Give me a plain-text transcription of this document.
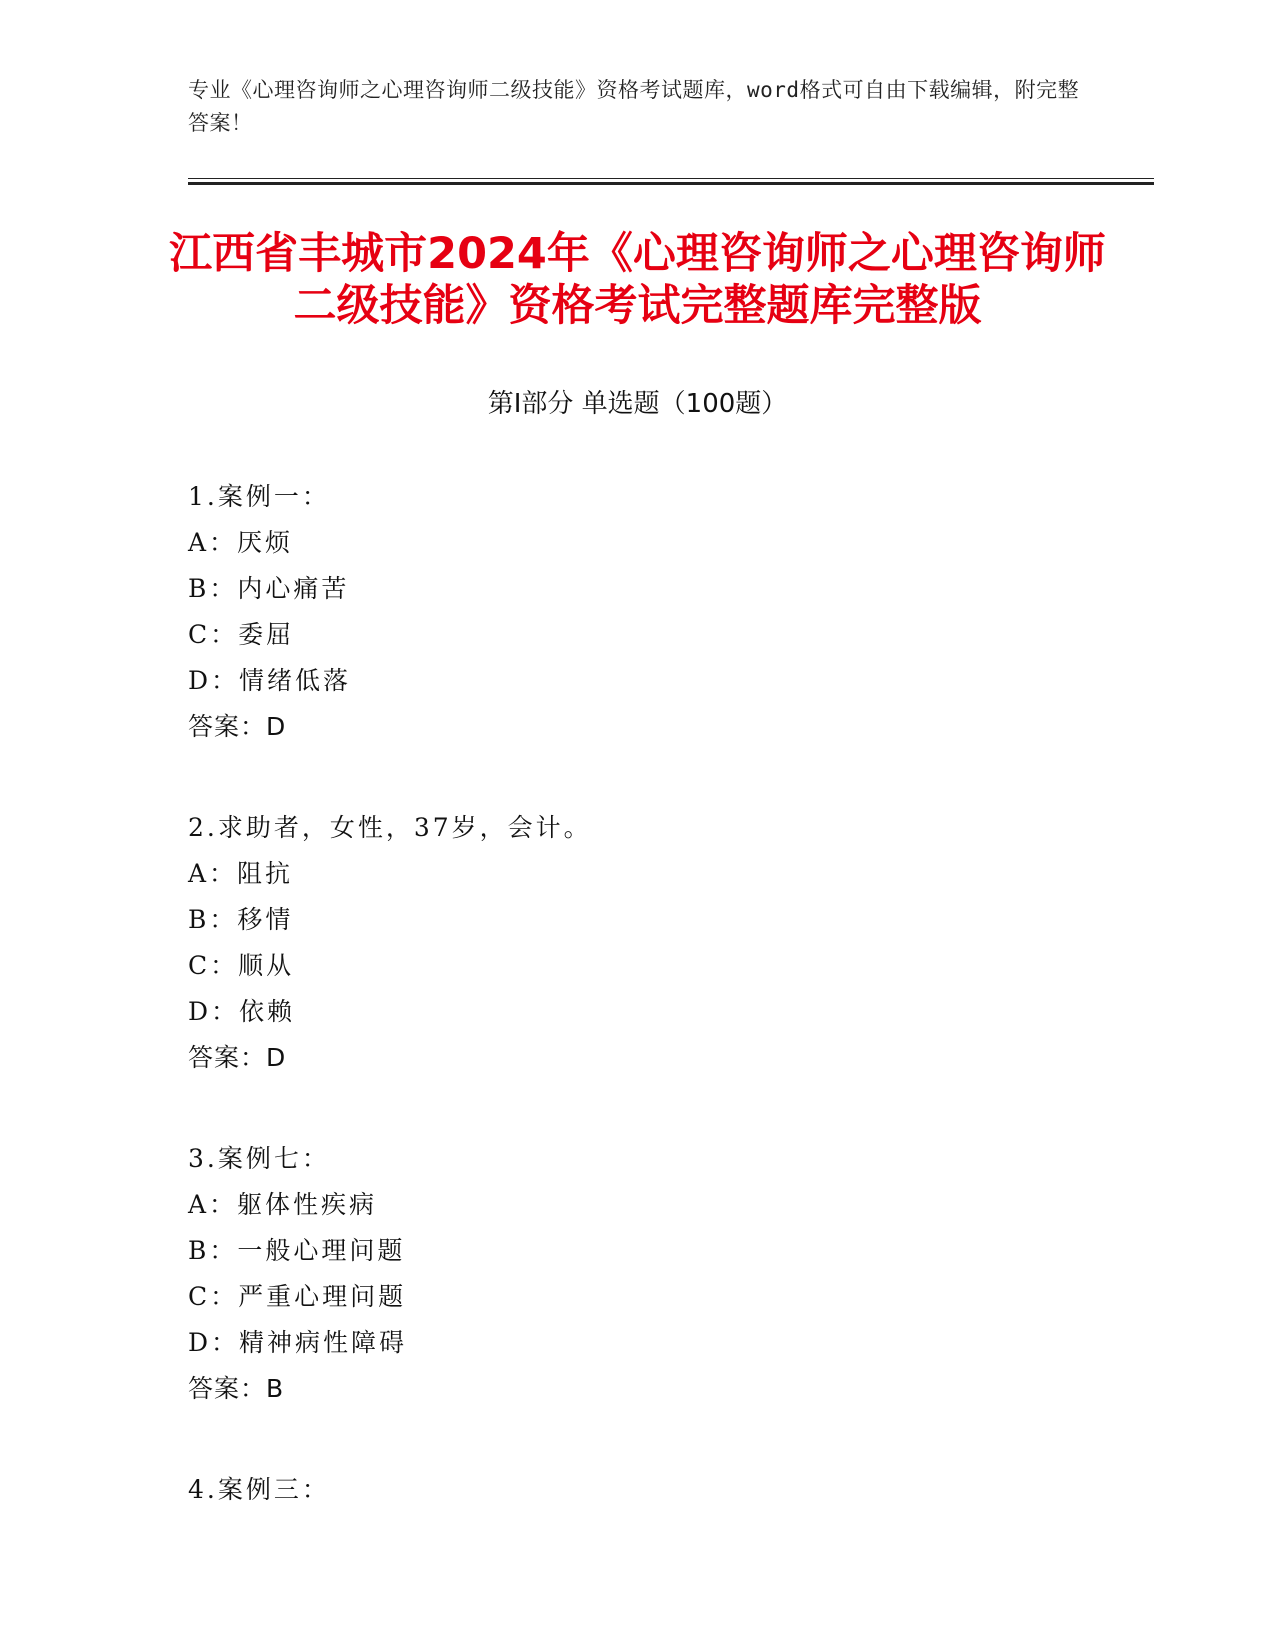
专业《心理咨询师之心理咨询师二级技能》资格考试题库，word格式可自由下载编辑，附完整答案！
江西省丰城市2024年《心理咨询师之心理咨询师二级技能》资格考试完整题库完整版
第Ⅰ部分 单选题（100题）
1.案例一：
A：厌烦
B：内心痛苦
C：委屈
D：情绪低落
答案：D
2.求助者，女性，37岁，会计。
A：阻抗
B：移情
C：顺从
D：依赖
答案：D
3.案例七：
A：躯体性疾病
B：一般心理问题
C：严重心理问题
D：精神病性障碍
答案：B
4.案例三：
